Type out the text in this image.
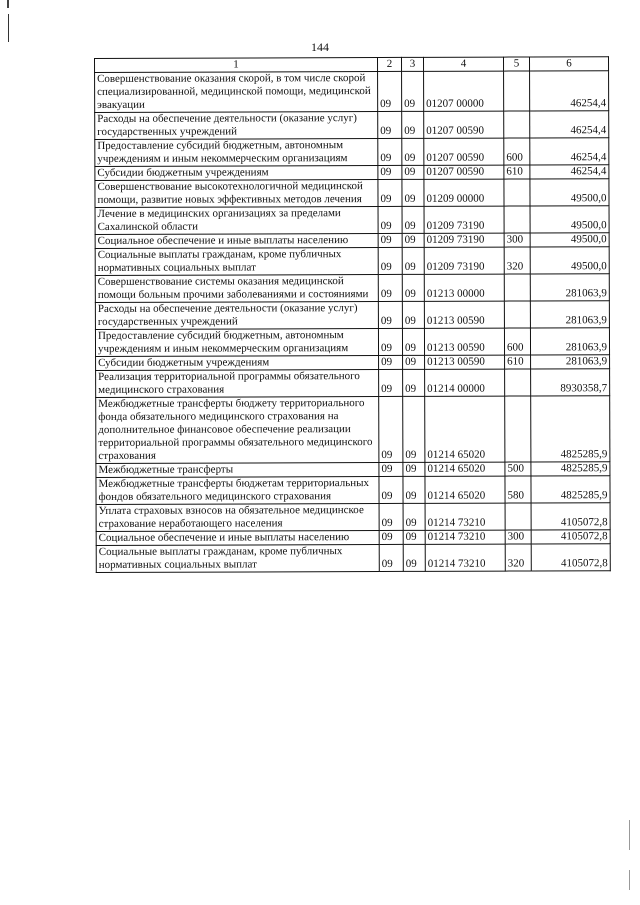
144
1	2	3	4	5	6
Совершенствование оказания скорой, в том числе скорой специализированной, медицинской помощи, медицинской эвакуации	09	09	01207 00000		46254,4
Расходы на обеспечение деятельности (оказание услуг) государственных учреждений	09	09	01207 00590		46254,4
Предоставление субсидий бюджетным, автономным учреждениям и иным некоммерческим организациям	09	09	01207 00590	600	46254,4
Субсидии бюджетным учреждениям	09	09	01207 00590	610	46254,4
Совершенствование высокотехнологичной медицинской помощи, развитие новых эффективных методов лечения	09	09	01209 00000		49500,0
Лечение в медицинских организациях за пределами Сахалинской области	09	09	01209 73190		49500,0
Социальное обеспечение и иные выплаты населению	09	09	01209 73190	300	49500,0
Социальные выплаты гражданам, кроме публичных нормативных социальных выплат	09	09	01209 73190	320	49500,0
Совершенствование системы оказания медицинской помощи больным прочими заболеваниями и состояниями	09	09	01213 00000		281063,9
Расходы на обеспечение деятельности (оказание услуг) государственных учреждений	09	09	01213 00590		281063,9
Предоставление субсидий бюджетным, автономным учреждениям и иным некоммерческим организациям	09	09	01213 00590	600	281063,9
Субсидии бюджетным учреждениям	09	09	01213 00590	610	281063,9
Реализация территориальной программы обязательного медицинского страхования	09	09	01214 00000		8930358,7
Межбюджетные трансферты бюджету территориального фонда обязательного медицинского страхования на дополнительное финансовое обеспечение реализации территориальной программы обязательного медицинского страхования	09	09	01214 65020		4825285,9
Межбюджетные трансферты	09	09	01214 65020	500	4825285,9
Межбюджетные трансферты бюджетам территориальных фондов обязательного медицинского страхования	09	09	01214 65020	580	4825285,9
Уплата страховых взносов на обязательное медицинское страхование неработающего населения	09	09	01214 73210		4105072,8
Социальное обеспечение и иные выплаты населению	09	09	01214 73210	300	4105072,8
Социальные выплаты гражданам, кроме публичных нормативных социальных выплат	09	09	01214 73210	320	4105072,8
